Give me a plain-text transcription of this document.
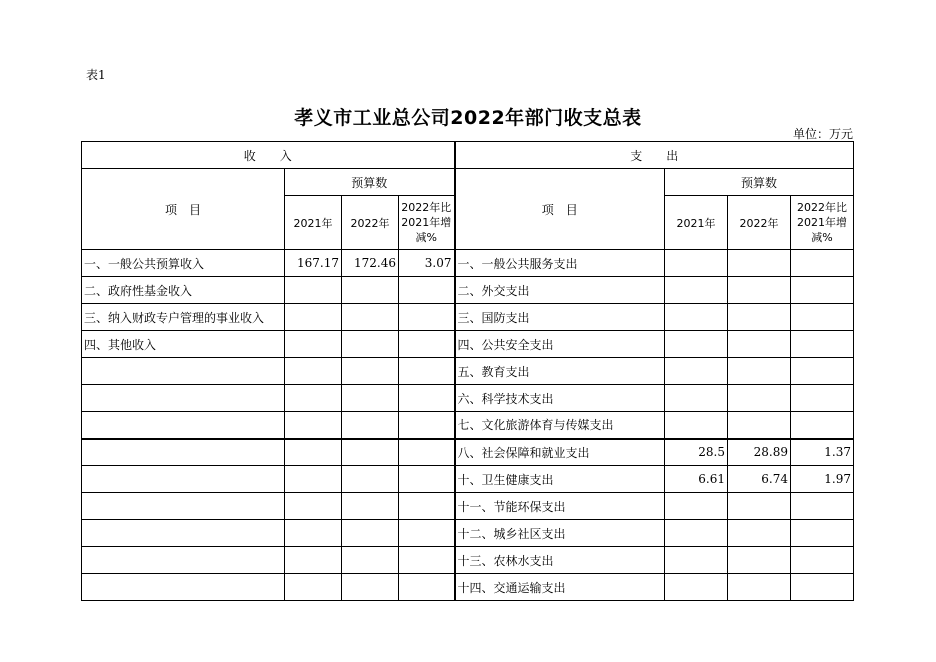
表1
孝义市工业总公司2022年部门收支总表
单位：万元
收　　入				支　　出			
项　目	预算数			项　目	预算数		
	2021年	2022年	2022年比2021年增减%		2021年	2022年	2022年比2021年增减%
一、一般公共预算收入	167.17	172.46	3.07	一、一般公共服务支出			
二、政府性基金收入				二、外交支出			
三、纳入财政专户管理的事业收入				三、国防支出			
四、其他收入				四、公共安全支出			
				五、教育支出			
				六、科学技术支出			
				七、文化旅游体育与传媒支出			
				八、社会保障和就业支出	28.5	28.89	1.37
				十、卫生健康支出	6.61	6.74	1.97
				十一、节能环保支出			
				十二、城乡社区支出			
				十三、农林水支出			
				十四、交通运输支出			
